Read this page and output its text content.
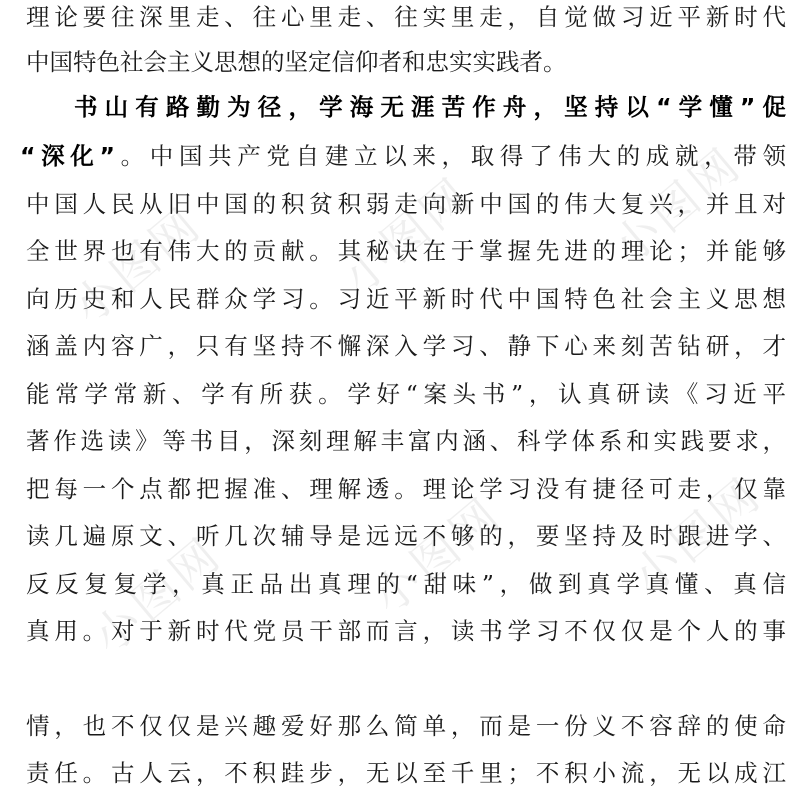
小图网	小图网	小图网
小图网	小图网 小图网
理论要往深里走、往心里走、往实里走，自觉做习近平新时代
中国特色社会主义思想的坚定信仰者和忠实实践者。
书山有路勤为径，学海无涯苦作舟，坚持以“学懂”促
“深化”。中国共产党自建立以来，取得了伟大的成就，带领
中国人民从旧中国的积贫积弱走向新中国的伟大复兴，并且对
全世界也有伟大的贡献。其秘诀在于掌握先进的理论；并能够
向历史和人民群众学习。习近平新时代中国特色社会主义思想
涵盖内容广，只有坚持不懈深入学习、静下心来刻苦钻研，才
能常学常新、学有所获。学好“案头书”，认真研读《习近平
著作选读》等书目，深刻理解丰富内涵、科学体系和实践要求，
把每一个点都把握准、理解透。理论学习没有捷径可走，仅靠
读几遍原文、听几次辅导是远远不够的，要坚持及时跟进学、
反反复复学，真正品出真理的“甜味”，做到真学真懂、真信
真用。对于新时代党员干部而言，读书学习不仅仅是个人的事
情，也不仅仅是兴趣爱好那么简单，而是一份义不容辞的使命
责任。古人云，不积跬步，无以至千里；不积小流，无以成江
